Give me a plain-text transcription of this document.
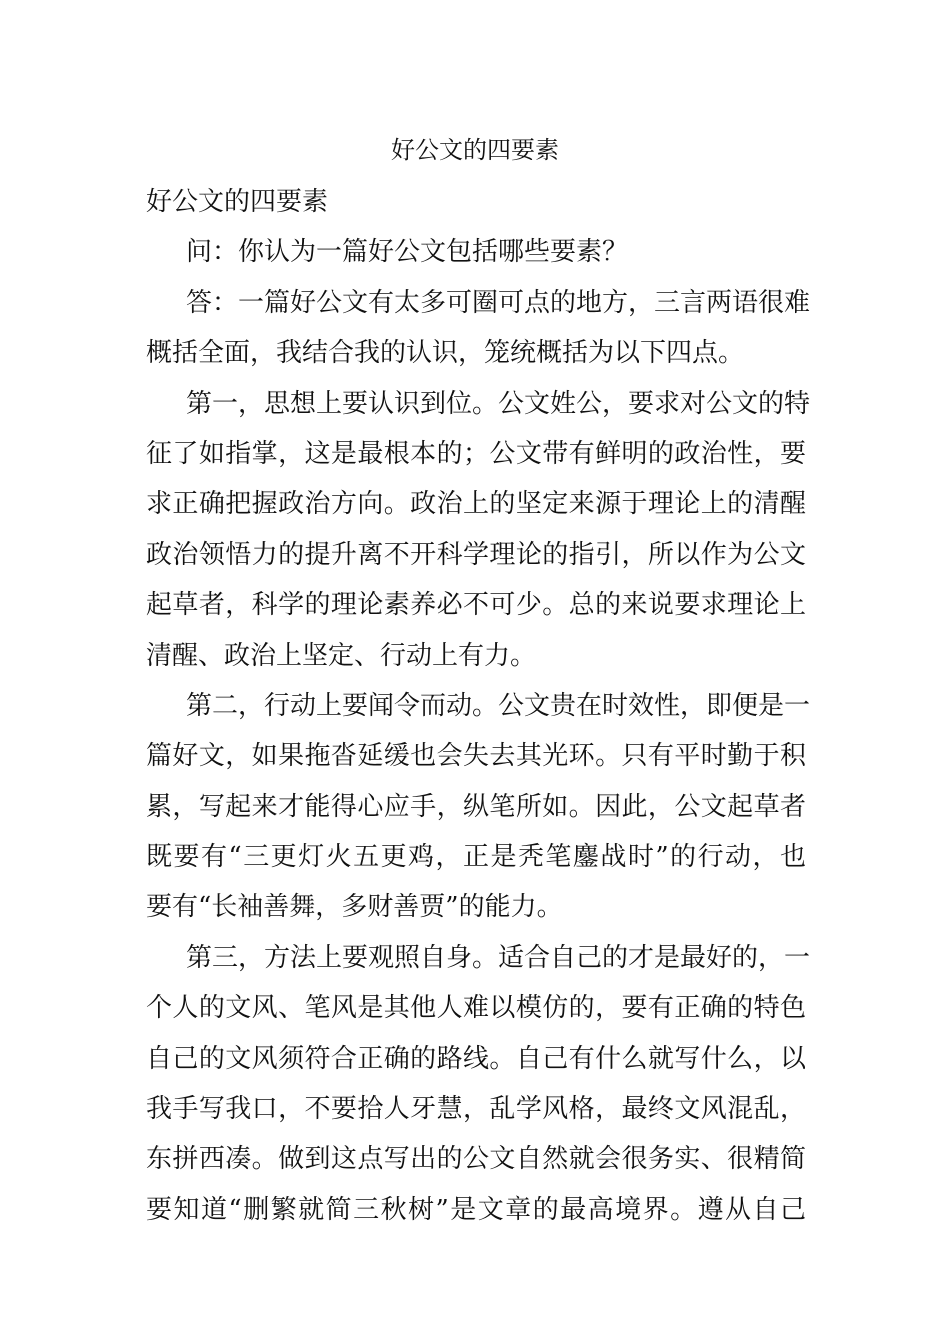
好公文的四要素
好公文的四要素
问：你认为一篇好公文包括哪些要素？
答：一篇好公文有太多可圈可点的地方，三言两语很难
概括全面，我结合我的认识，笼统概括为以下四点。
第一，思想上要认识到位。公文姓公，要求对公文的特
征了如指掌，这是最根本的；公文带有鲜明的政治性，要
求正确把握政治方向。政治上的坚定来源于理论上的清醒
政治领悟力的提升离不开科学理论的指引，所以作为公文
起草者，科学的理论素养必不可少。总的来说要求理论上
清醒、政治上坚定、行动上有力。
第二，行动上要闻令而动。公文贵在时效性，即便是一
篇好文，如果拖沓延缓也会失去其光环。只有平时勤于积
累，写起来才能得心应手，纵笔所如。因此，公文起草者
既要有“三更灯火五更鸡，正是秃笔鏖战时”的行动，也
要有“长袖善舞，多财善贾”的能力。
第三，方法上要观照自身。适合自己的才是最好的，一
个人的文风、笔风是其他人难以模仿的，要有正确的特色
自己的文风须符合正确的路线。自己有什么就写什么，以
我手写我口，不要拾人牙慧，乱学风格，最终文风混乱，
东拼西凑。做到这点写出的公文自然就会很务实、很精简
要知道“删繁就简三秋树”是文章的最高境界。遵从自己
